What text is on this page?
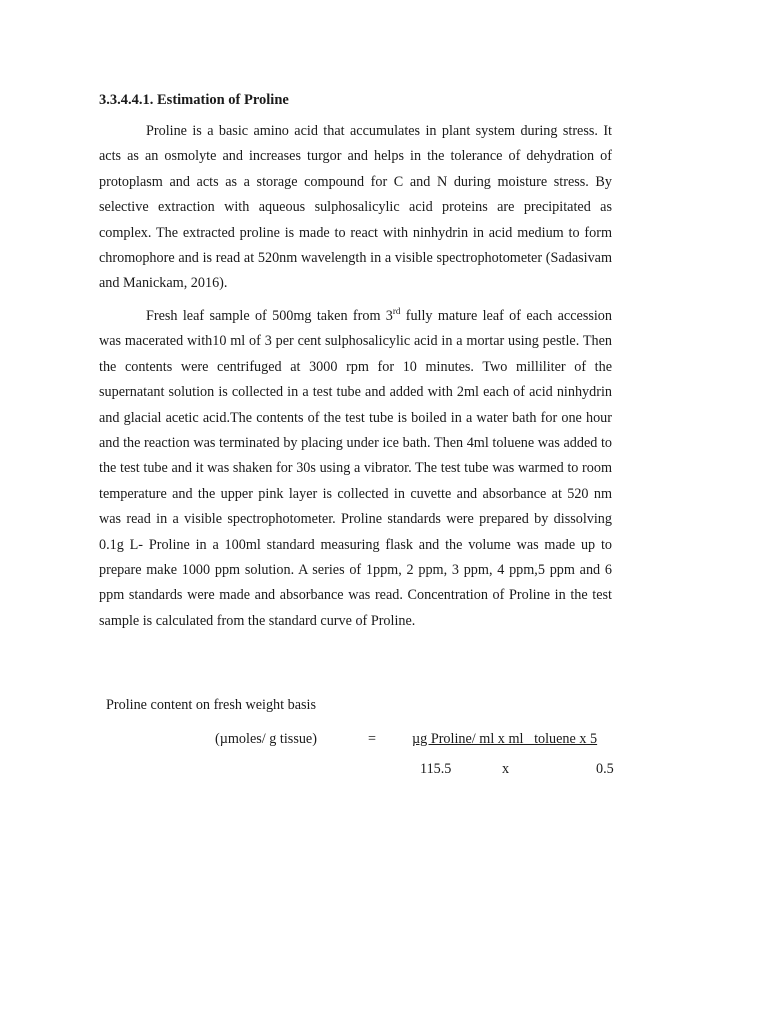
3.3.4.4.1. Estimation of Proline

Proline is a basic amino acid that accumulates in plant system during stress. It acts as an osmolyte and increases turgor and helps in the tolerance of dehydration of protoplasm and acts as a storage compound for C and N during moisture stress. By selective extraction with aqueous sulphosalicylic acid proteins are precipitated as complex. The extracted proline is made to react with ninhydrin in acid medium to form chromophore and is read at 520nm wavelength in a visible spectrophotometer (Sadasivam and Manickam, 2016).

Fresh leaf sample of 500mg taken from 3rd fully mature leaf of each accession was macerated with10 ml of 3 per cent sulphosalicylic acid in a mortar using pestle. Then the contents were centrifuged at 3000 rpm for 10 minutes. Two milliliter of the supernatant solution is collected in a test tube and added with 2ml each of acid ninhydrin and glacial acetic acid.The contents of the test tube is boiled in a water bath for one hour and the reaction was terminated by placing under ice bath. Then 4ml toluene was added to the test tube and it was shaken for 30s using a vibrator. The test tube was warmed to room temperature and the upper pink layer is collected in cuvette and absorbance at 520 nm was read in a visible spectrophotometer. Proline standards were prepared by dissolving 0.1g L- Proline in a 100ml standard measuring flask and the volume was made up to prepare make 1000 ppm solution. A series of 1ppm, 2 ppm, 3 ppm, 4 ppm,5 ppm and 6 ppm standards were made and absorbance was read. Concentration of Proline in the test sample is calculated from the standard curve of Proline.

Proline content on fresh weight basis

(µmoles/ g tissue)	=	µg Proline/ ml x ml   toluene x 5
115.5	x	0.5
